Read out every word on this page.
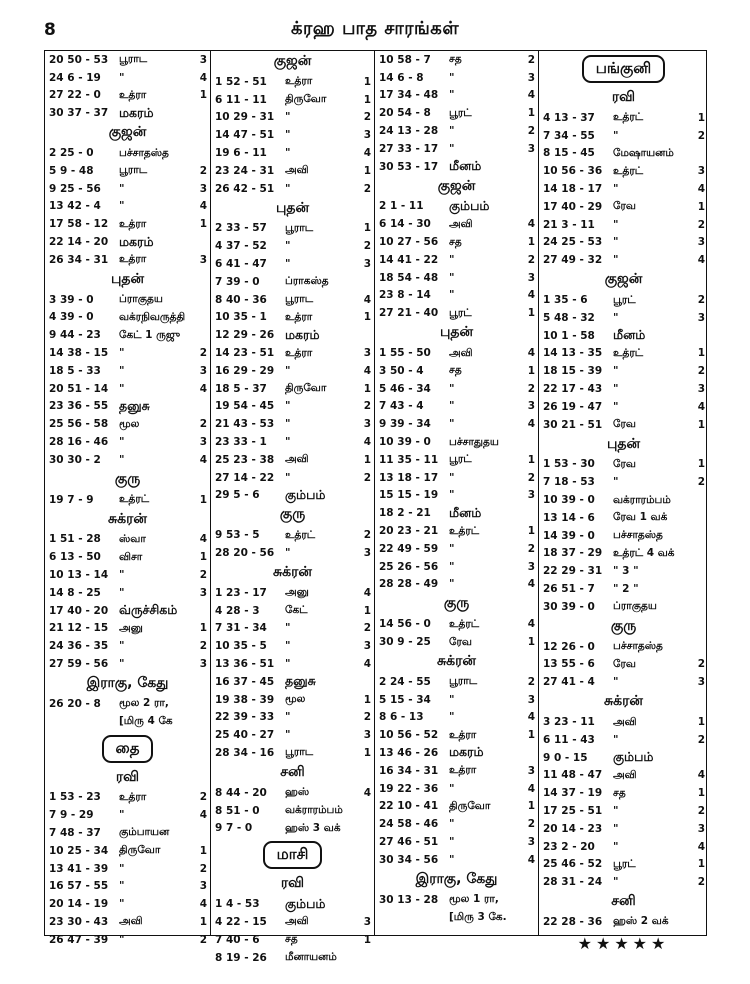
8	க்ரஹ பாத சாரங்கள்
20 50 - 53	பூராட	3
24 6 - 19	"	4
27 22 - 0	உத்ரா	1
30 37 - 37 மகரம்
குஜன்
2 25 - 0	பச்சாதஸ்த
5 9 - 48	பூராட	2
9 25 - 56	"	3
13 42 - 4	"	4
17 58 - 12	உத்ரா	1
22 14 - 20 மகரம்
26 34 - 31	உத்ரா	3
புதன்
3 39 - 0	ப்ராகுதய
4 39 - 0	வக்ரநிவருத்தி
9 44 - 23	கேட் 1 ருஜு
14 38 - 15	"	2
18 5 - 33	"	3
20 51 - 14	"	4
23 36 - 55 தனுசு
25 56 - 58	மூல	2
28 16 - 46	"	3
30 30 - 2	"	4
குரு
19 7 - 9	உத்ரட்	1
சுக்ரன்
1 51 - 28	ஸ்வா	4
6 13 - 50	விசா	1
10 13 - 14	"	2
14 8 - 25	"	3
17 40 - 20 வ்ருச்சிகம்
21 12 - 15	அனு	1
24 36 - 35	"	2
27 59 - 56	"	3
இராகு, கேது
26 20 - 8	மூல 2 ரா,
[மிரு 4 கே
தை
ரவி
1 53 - 23	உத்ரா	2
7 9 - 29	"	4
7 48 - 37	கும்பாயன
10 25 - 34	திருவோ	1
13 41 - 39	"	2
16 57 - 55	"	3
20 14 - 19	"	4
23 30 - 43	அவி	1
26 47 - 39	"	2
குஜன்
1 52 - 51	உத்ரா	1
6 11 - 11	திருவோ	1
10 29 - 31	"	2
14 47 - 51	"	3
19 6 - 11	"	4
23 24 - 31	அவி	1
26 42 - 51	"	2
புதன்
2 33 - 57	பூராட	1
4 37 - 52	"	2
6 41 - 47	"	3
7 39 - 0	ப்ராகஸ்த
8 40 - 36	பூராட	4
10 35 - 1	உத்ரா	1
12 29 - 26 மகரம்
14 23 - 51	உத்ரா	3
16 29 - 29	"	4
18 5 - 37	திருவோ	1
19 54 - 45	"	2
21 43 - 53	"	3
23 33 - 1	"	4
25 23 - 38	அவி	1
27 14 - 22	"	2
29 5 - 6	கும்பம்
குரு
9 53 - 5	உத்ரட்	2
28 20 - 56	"	3
சுக்ரன்
1 23 - 17	அனு	4
4 28 - 3	கேட்	1
7 31 - 34	"	2
10 35 - 5	"	3
13 36 - 51	"	4
16 37 - 45 தனுசு
19 38 - 39	மூல	1
22 39 - 33	"	2
25 40 - 27	"	3
28 34 - 16	பூராட	1
சனி
8 44 - 20	ஹஸ்	4
8 51 - 0	வக்ராரம்பம்
9 7 - 0	ஹஸ் 3 வக்
மாசி
ரவி
1 4 - 53	கும்பம்
4 22 - 15	அவி	3
7 40 - 6	சத	1
8 19 - 26	மீனாயனம்
10 58 - 7	சத	2
14 6 - 8	"	3
17 34 - 48	"	4
20 54 - 8	பூரட்	1
24 13 - 28	"	2
27 33 - 17	"	3
30 53 - 17 மீனம்
குஜன்
2 1 - 11	கும்பம்
6 14 - 30	அவி	4
10 27 - 56	சத	1
14 41 - 22	"	2
18 54 - 48	"	3
23 8 - 14	"	4
27 21 - 40	பூரட்	1
புதன்
1 55 - 50	அவி	4
3 50 - 4	சத	1
5 46 - 34	"	2
7 43 - 4	"	3
9 39 - 34	"	4
10 39 - 0	பச்சாதுதய
11 35 - 11	பூரட்	1
13 18 - 17	"	2
15 15 - 19	"	3
18 2 - 21	மீனம்
20 23 - 21	உத்ரட்	1
22 49 - 59	"	2
25 26 - 56	"	3
28 28 - 49	"	4
குரு
14 56 - 0	உத்ரட்	4
30 9 - 25	ரேவ	1
சுக்ரன்
2 24 - 55	பூராட	2
5 15 - 34	"	3
8 6 - 13	"	4
10 56 - 52	உத்ரா	1
13 46 - 26 மகரம்
16 34 - 31	உத்ரா	3
19 22 - 36	"	4
22 10 - 41	திருவோ	1
24 58 - 46	"	2
27 46 - 51	"	3
30 34 - 56	"	4
இராகு, கேது
30 13 - 28	மூல 1 ரா,
[மிரு 3 கே.
பங்குனி
ரவி
4 13 - 37	உத்ரட்	1
7 34 - 55	"	2
8 15 - 45	மேஷாயனம்
10 56 - 36	உத்ரட்	3
14 18 - 17	"	4
17 40 - 29	ரேவ	1
21 3 - 11	"	2
24 25 - 53	"	3
27 49 - 32	"	4
குஜன்
1 35 - 6	பூரட்	2
5 48 - 32	"	3
10 1 - 58	மீனம்
14 13 - 35	உத்ரட்	1
18 15 - 39	"	2
22 17 - 43	"	3
26 19 - 47	"	4
30 21 - 51	ரேவ	1
புதன்
1 53 - 30	ரேவ	1
7 18 - 53	"	2
10 39 - 0	வக்ராரம்பம்
13 14 - 6	ரேவ 1 வக்
14 39 - 0	பச்சாதஸ்த
18 37 - 29	உத்ரட் 4 வக்
22 29 - 31	" 3 "
26 51 - 7	" 2 "
30 39 - 0	ப்ராகுதய
குரு
12 26 - 0	பச்சாதஸ்த
13 55 - 6	ரேவ	2
27 41 - 4	"	3
சுக்ரன்
3 23 - 11	அவி	1
6 11 - 43	"	2
9 0 - 15	கும்பம்
11 48 - 47	அவி	4
14 37 - 19	சத	1
17 25 - 51	"	2
20 14 - 23	"	3
23 2 - 20	"	4
25 46 - 52	பூரட்	1
28 31 - 24	"	2
சனி
22 28 - 36	ஹஸ் 2 வக்
★★★★★
